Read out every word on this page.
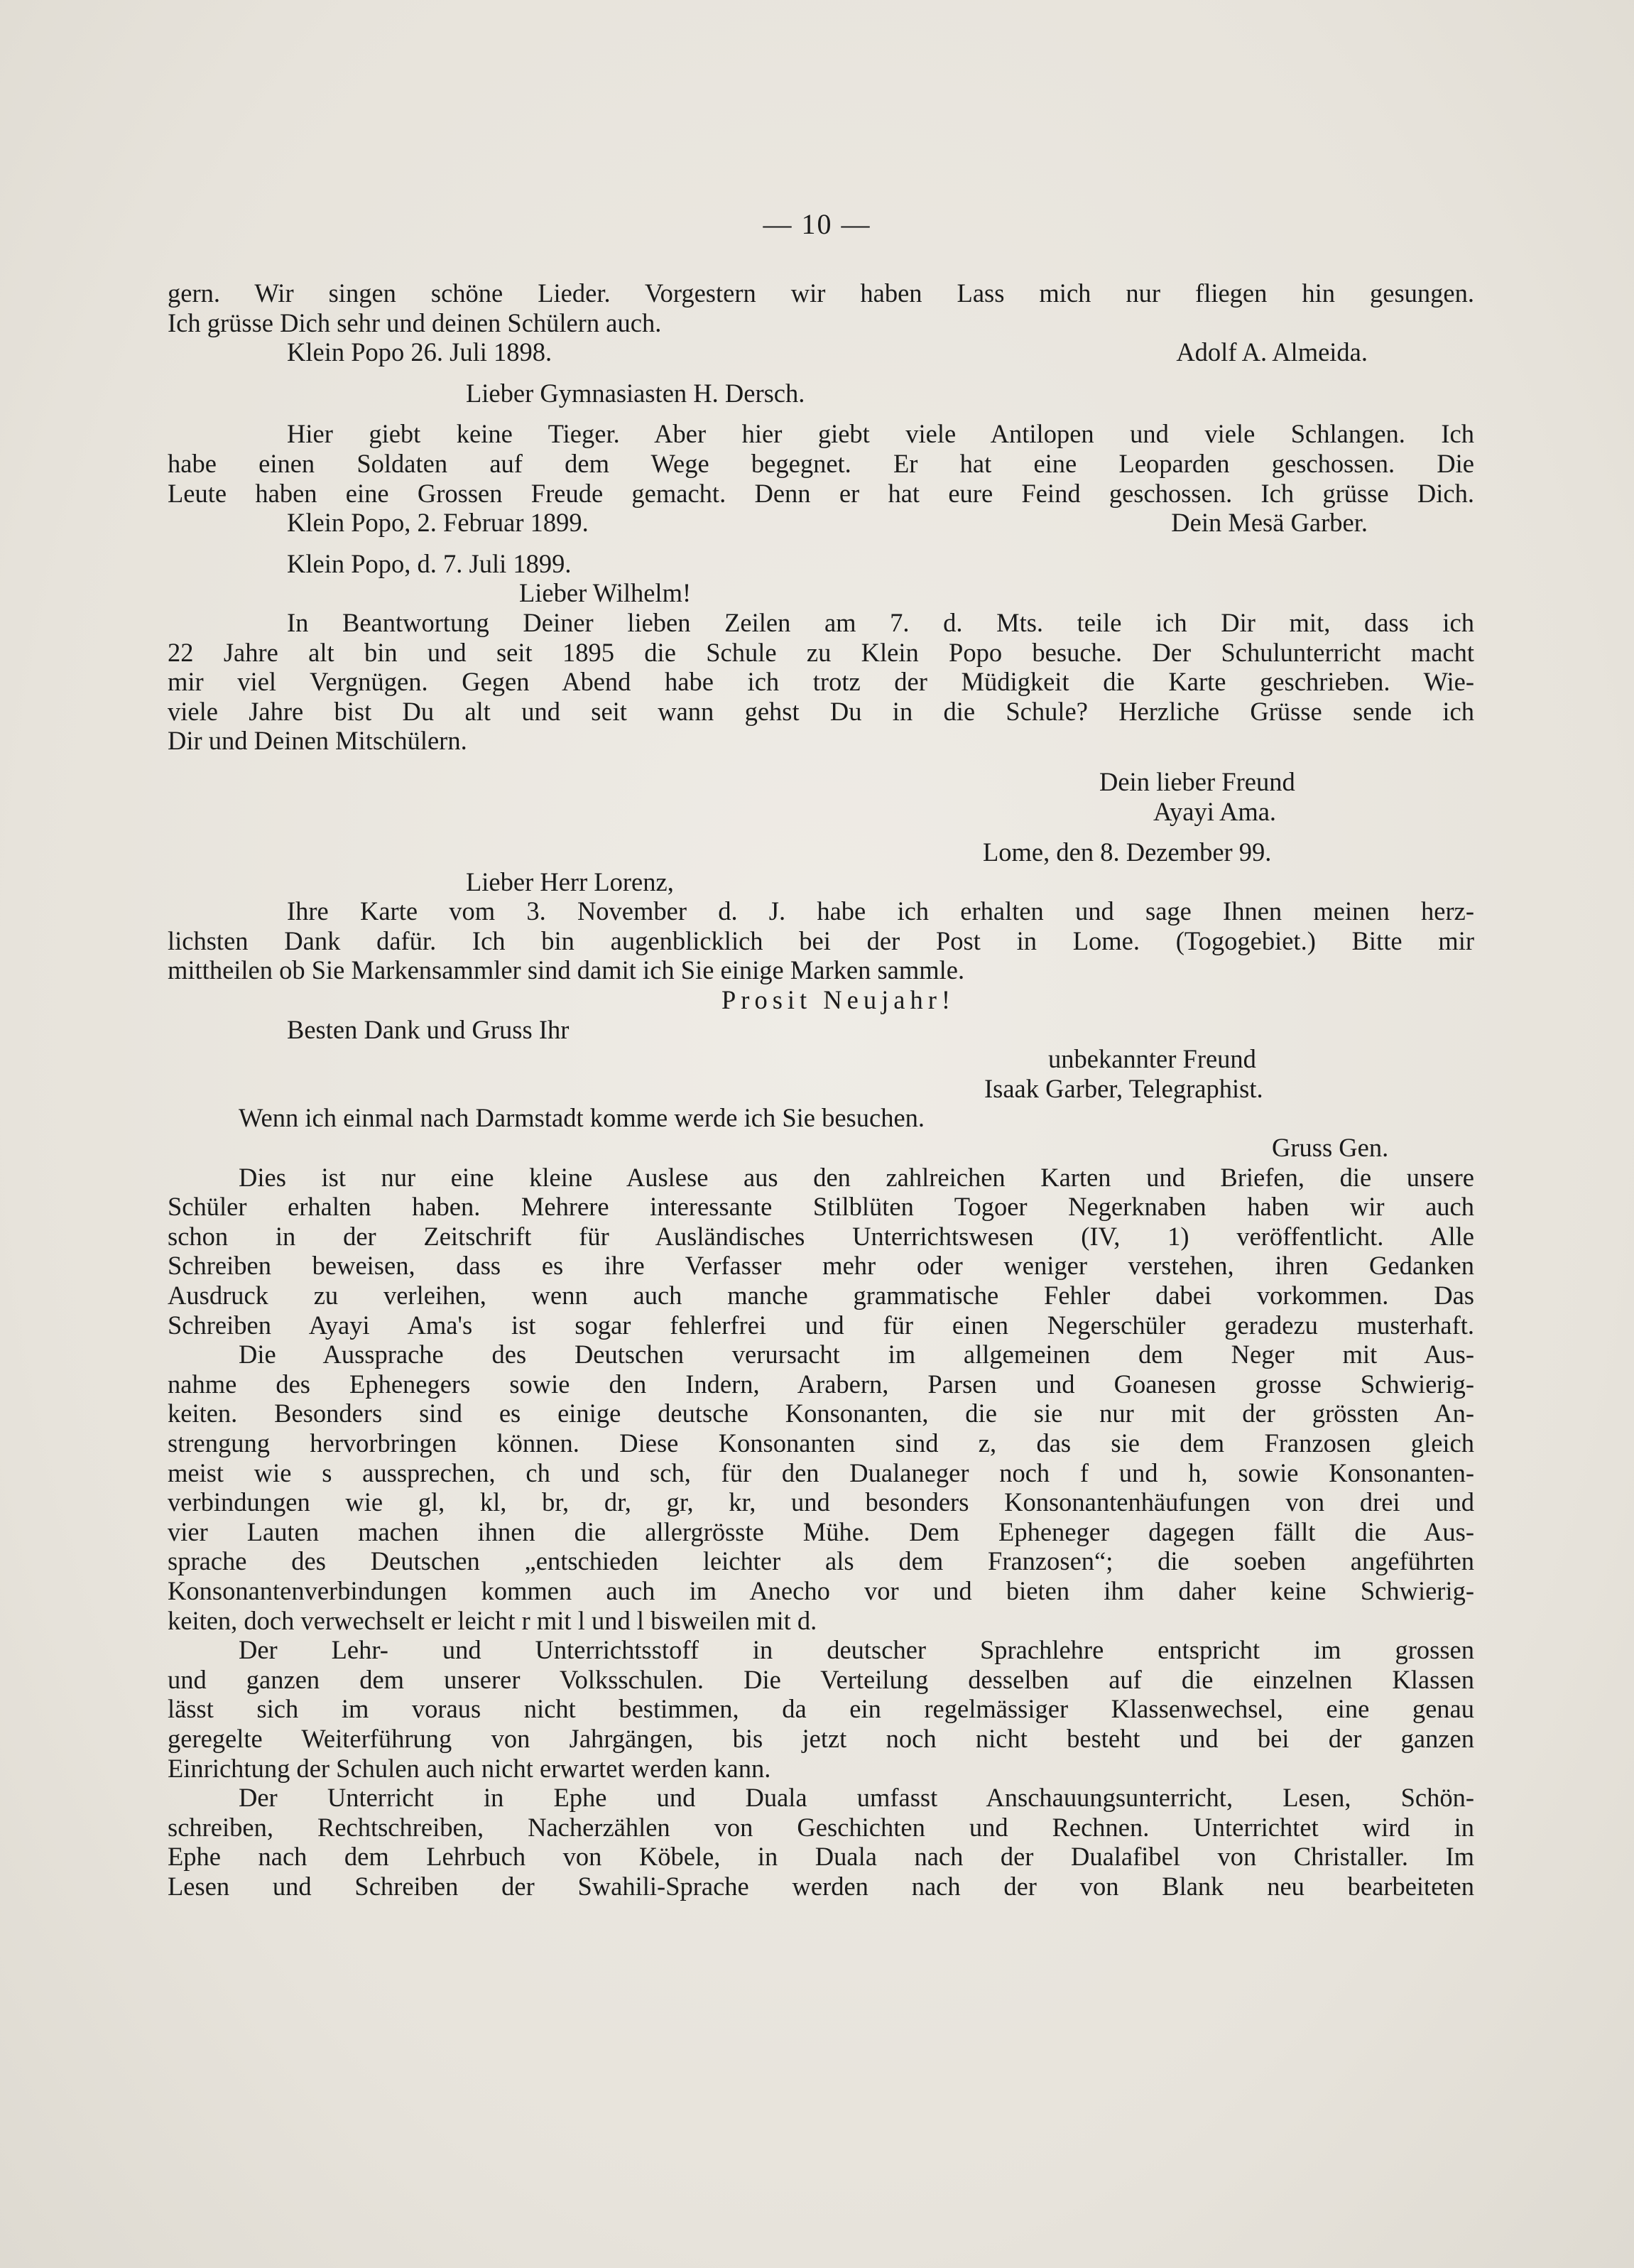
— 10 —
gern. Wir singen schöne Lieder. Vorgestern wir haben Lass mich nur fliegen hin gesungen.
Ich grüsse Dich sehr und deinen Schülern auch.
Klein Popo 26. Juli 1898.	Adolf A. Almeida.
Lieber Gymnasiasten H. Dersch.
Hier giebt keine Tieger. Aber hier giebt viele Antilopen und viele Schlangen. Ich
habe einen Soldaten auf dem Wege begegnet. Er hat eine Leoparden geschossen. Die
Leute haben eine Grossen Freude gemacht. Denn er hat eure Feind geschossen. Ich grüsse Dich.
Klein Popo, 2. Februar 1899.	Dein Mesä Garber.
Klein Popo, d. 7. Juli 1899.
Lieber Wilhelm!
In Beantwortung Deiner lieben Zeilen am 7. d. Mts. teile ich Dir mit, dass ich
22 Jahre alt bin und seit 1895 die Schule zu Klein Popo besuche. Der Schulunterricht macht
mir viel Vergnügen. Gegen Abend habe ich trotz der Müdigkeit die Karte geschrieben. Wie-
viele Jahre bist Du alt und seit wann gehst Du in die Schule? Herzliche Grüsse sende ich
Dir und Deinen Mitschülern.
Dein lieber Freund
Ayayi Ama.
Lome, den 8. Dezember 99.
Lieber Herr Lorenz,
Ihre Karte vom 3. November d. J. habe ich erhalten und sage Ihnen meinen herz-
lichsten Dank dafür. Ich bin augenblicklich bei der Post in Lome. (Togogebiet.) Bitte mir
mittheilen ob Sie Markensammler sind damit ich Sie einige Marken sammle.
Prosit Neujahr!
Besten Dank und Gruss Ihr
unbekannter Freund
Isaak Garber, Telegraphist.
Wenn ich einmal nach Darmstadt komme werde ich Sie besuchen.
Gruss Gen.
Dies ist nur eine kleine Auslese aus den zahlreichen Karten und Briefen, die unsere
Schüler erhalten haben. Mehrere interessante Stilblüten Togoer Negerknaben haben wir auch
schon in der Zeitschrift für Ausländisches Unterrichtswesen (IV, 1) veröffentlicht. Alle
Schreiben beweisen, dass es ihre Verfasser mehr oder weniger verstehen, ihren Gedanken
Ausdruck zu verleihen, wenn auch manche grammatische Fehler dabei vorkommen. Das
Schreiben Ayayi Ama's ist sogar fehlerfrei und für einen Negerschüler geradezu musterhaft.
Die Aussprache des Deutschen verursacht im allgemeinen dem Neger mit Aus-
nahme des Ephenegers sowie den Indern, Arabern, Parsen und Goanesen grosse Schwierig-
keiten. Besonders sind es einige deutsche Konsonanten, die sie nur mit der grössten An-
strengung hervorbringen können. Diese Konsonanten sind z, das sie dem Franzosen gleich
meist wie s aussprechen, ch und sch, für den Dualaneger noch f und h, sowie Konsonanten-
verbindungen wie gl, kl, br, dr, gr, kr, und besonders Konsonantenhäufungen von drei und
vier Lauten machen ihnen die allergrösste Mühe. Dem Epheneger dagegen fällt die Aus-
sprache des Deutschen „entschieden leichter als dem Franzosen“; die soeben angeführten
Konsonantenverbindungen kommen auch im Anecho vor und bieten ihm daher keine Schwierig-
keiten, doch verwechselt er leicht r mit l und l bisweilen mit d.
Der Lehr- und Unterrichtsstoff in deutscher Sprachlehre entspricht im grossen
und ganzen dem unserer Volksschulen. Die Verteilung desselben auf die einzelnen Klassen
lässt sich im voraus nicht bestimmen, da ein regelmässiger Klassenwechsel, eine genau
geregelte Weiterführung von Jahrgängen, bis jetzt noch nicht besteht und bei der ganzen
Einrichtung der Schulen auch nicht erwartet werden kann.
Der Unterricht in Ephe und Duala umfasst Anschauungsunterricht, Lesen, Schön-
schreiben, Rechtschreiben, Nacherzählen von Geschichten und Rechnen. Unterrichtet wird in
Ephe nach dem Lehrbuch von Köbele, in Duala nach der Dualafibel von Christaller. Im
Lesen und Schreiben der Swahili-Sprache werden nach der von Blank neu bearbeiteten
